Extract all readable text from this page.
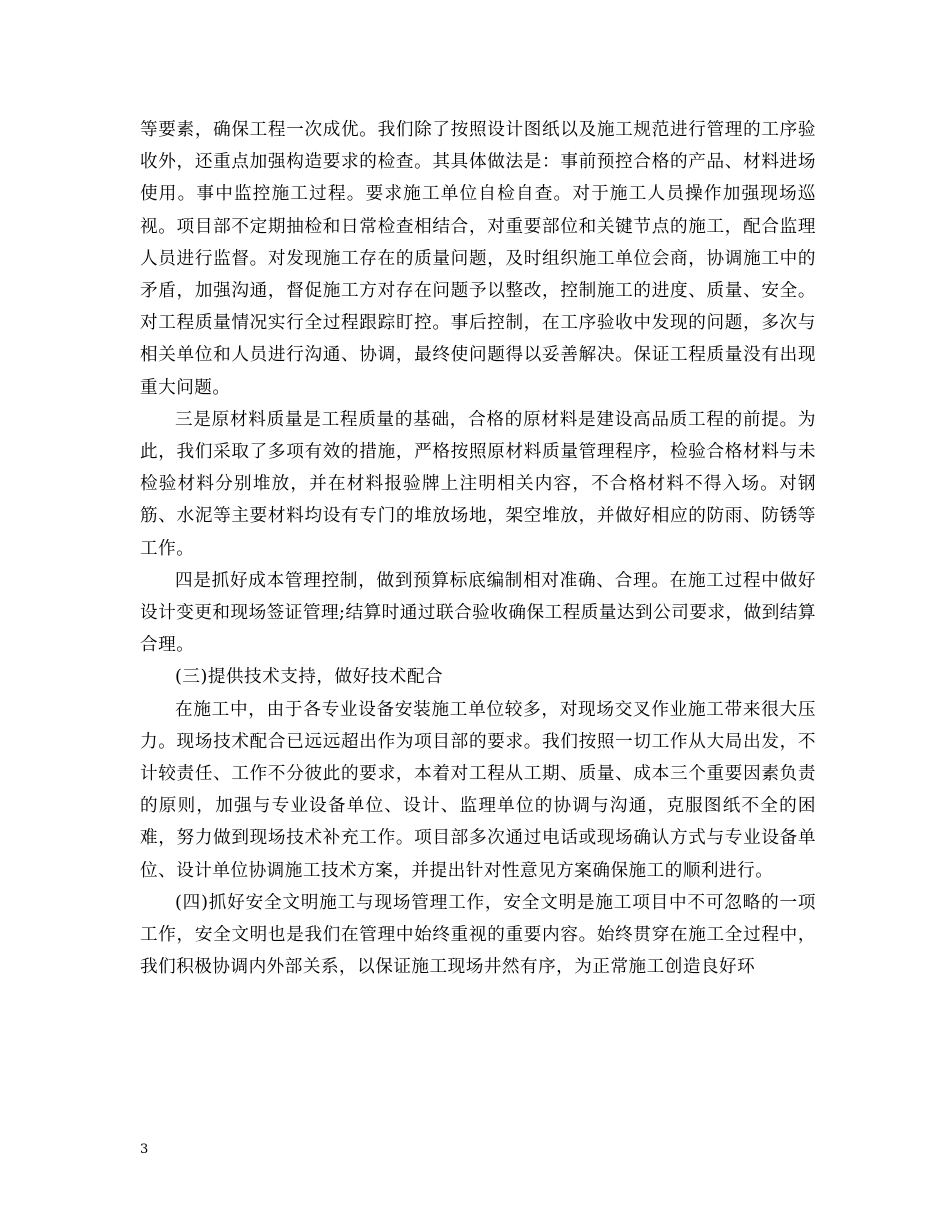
等要素，确保工程一次成优。我们除了按照设计图纸以及施工规范进行管理的工序验收外，还重点加强构造要求的检查。其具体做法是：事前预控合格的产品、材料进场使用。事中监控施工过程。要求施工单位自检自查。对于施工人员操作加强现场巡视。项目部不定期抽检和日常检查相结合，对重要部位和关键节点的施工，配合监理人员进行监督。对发现施工存在的质量问题，及时组织施工单位会商，协调施工中的矛盾，加强沟通，督促施工方对存在问题予以整改，控制施工的进度、质量、安全。对工程质量情况实行全过程跟踪盯控。事后控制，在工序验收中发现的问题，多次与相关单位和人员进行沟通、协调，最终使问题得以妥善解决。保证工程质量没有出现重大问题。

三是原材料质量是工程质量的基础，合格的原材料是建设高品质工程的前提。为此，我们采取了多项有效的措施，严格按照原材料质量管理程序，检验合格材料与未检验材料分别堆放，并在材料报验牌上注明相关内容，不合格材料不得入场。对钢筋、水泥等主要材料均设有专门的堆放场地，架空堆放，并做好相应的防雨、防锈等工作。

四是抓好成本管理控制，做到预算标底编制相对准确、合理。在施工过程中做好设计变更和现场签证管理;结算时通过联合验收确保工程质量达到公司要求，做到结算合理。

(三)提供技术支持，做好技术配合

在施工中，由于各专业设备安装施工单位较多，对现场交叉作业施工带来很大压力。现场技术配合已远远超出作为项目部的要求。我们按照一切工作从大局出发，不计较责任、工作不分彼此的要求，本着对工程从工期、质量、成本三个重要因素负责的原则，加强与专业设备单位、设计、监理单位的协调与沟通，克服图纸不全的困难，努力做到现场技术补充工作。项目部多次通过电话或现场确认方式与专业设备单位、设计单位协调施工技术方案，并提出针对性意见方案确保施工的顺利进行。

(四)抓好安全文明施工与现场管理工作，安全文明是施工项目中不可忽略的一项工作，安全文明也是我们在管理中始终重视的重要内容。始终贯穿在施工全过程中，我们积极协调内外部关系，以保证施工现场井然有序，为正常施工创造良好环

3
